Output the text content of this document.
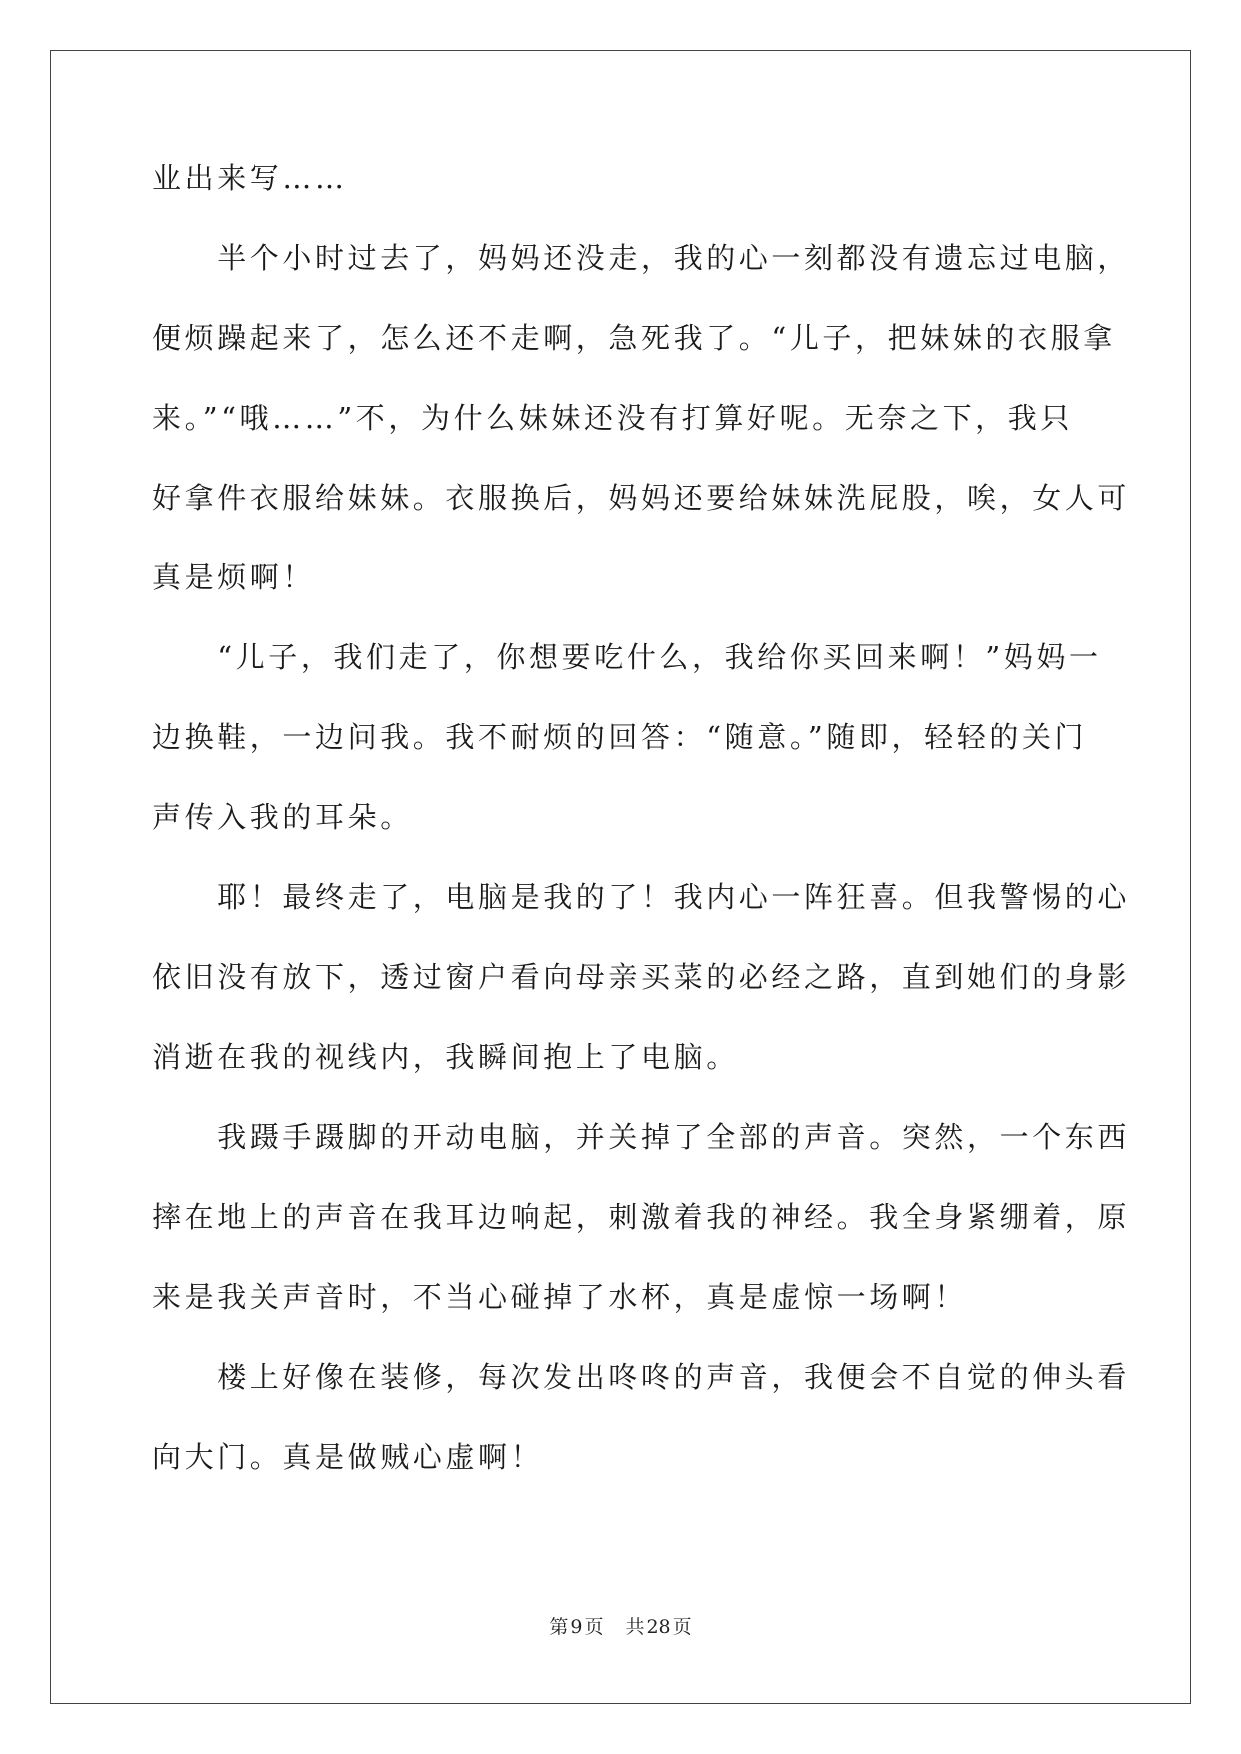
业出来写……
　　半个小时过去了，妈妈还没走，我的心一刻都没有遗忘过电脑，
便烦躁起来了，怎么还不走啊，急死我了。“儿子，把妹妹的衣服拿
来。”“哦……”不，为什么妹妹还没有打算好呢。无奈之下，我只
好拿件衣服给妹妹。衣服换后，妈妈还要给妹妹洗屁股，唉，女人可
真是烦啊！
　　“儿子，我们走了，你想要吃什么，我给你买回来啊！”妈妈一
边换鞋，一边问我。我不耐烦的回答：“随意。”随即，轻轻的关门
声传入我的耳朵。
　　耶！最终走了，电脑是我的了！我内心一阵狂喜。但我警惕的心
依旧没有放下，透过窗户看向母亲买菜的必经之路，直到她们的身影
消逝在我的视线内，我瞬间抱上了电脑。
　　我蹑手蹑脚的开动电脑，并关掉了全部的声音。突然，一个东西
摔在地上的声音在我耳边响起，刺激着我的神经。我全身紧绷着，原
来是我关声音时，不当心碰掉了水杯，真是虚惊一场啊！
　　楼上好像在装修，每次发出咚咚的声音，我便会不自觉的伸头看
向大门。真是做贼心虚啊！
第 9 页 共 28 页
